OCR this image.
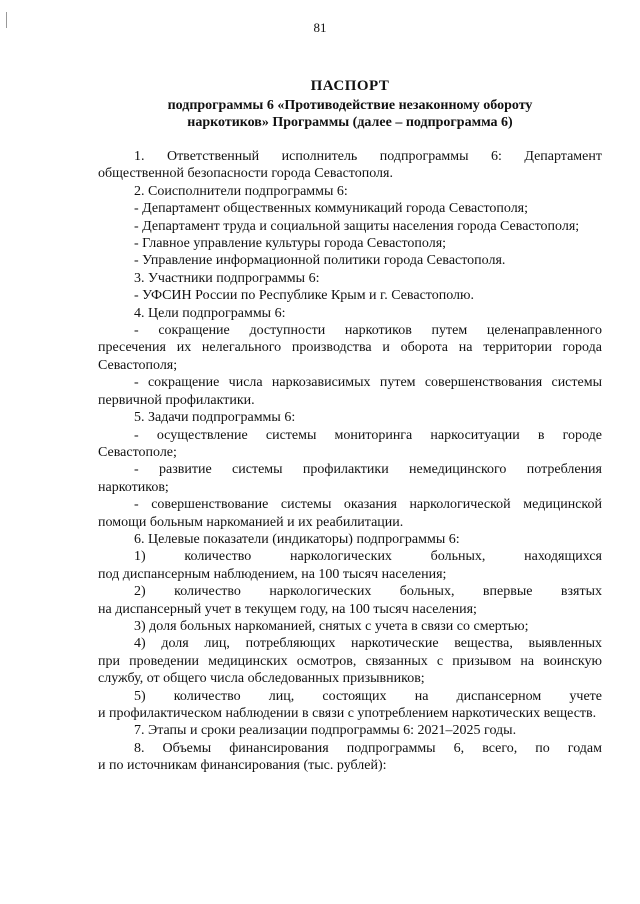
81
ПАСПОРТ
подпрограммы 6 «Противодействие незаконному обороту
наркотиков» Программы (далее – подпрограмма 6)
1. Ответственный исполнитель подпрограммы 6: Департамент
общественной безопасности города Севастополя.
2. Соисполнители подпрограммы 6:
- Департамент общественных коммуникаций города Севастополя;
- Департамент труда и социальной защиты населения города Севастополя;
- Главное управление культуры города Севастополя;
- Управление информационной политики города Севастополя.
3. Участники подпрограммы 6:
- УФСИН России по Республике Крым и г. Севастополю.
4. Цели подпрограммы 6:
- сокращение доступности наркотиков путем целенаправленного
пресечения их нелегального производства и оборота на территории города Севастополя;
- сокращение числа наркозависимых путем совершенствования системы
первичной профилактики.
5. Задачи подпрограммы 6:
- осуществление системы мониторинга наркоситуации в городе
Севастополе;
- развитие системы профилактики немедицинского потребления
наркотиков;
- совершенствование системы оказания наркологической медицинской
помощи больным наркоманией и их реабилитации.
6. Целевые показатели (индикаторы) подпрограммы 6:
1) количество наркологических больных, находящихся
под диспансерным наблюдением, на 100 тысяч населения;
2) количество наркологических больных, впервые взятых
на диспансерный учет в текущем году, на 100 тысяч населения;
3) доля больных наркоманией, снятых с учета в связи со смертью;
4) доля лиц, потребляющих наркотические вещества, выявленных
при проведении медицинских осмотров, связанных с призывом на воинскую службу, от общего числа обследованных призывников;
5) количество лиц, состоящих на диспансерном учете
и профилактическом наблюдении в связи с употреблением наркотических веществ.
7. Этапы и сроки реализации подпрограммы 6: 2021–2025 годы.
8. Объемы финансирования подпрограммы 6, всего, по годам
и по источникам финансирования (тыс. рублей):
